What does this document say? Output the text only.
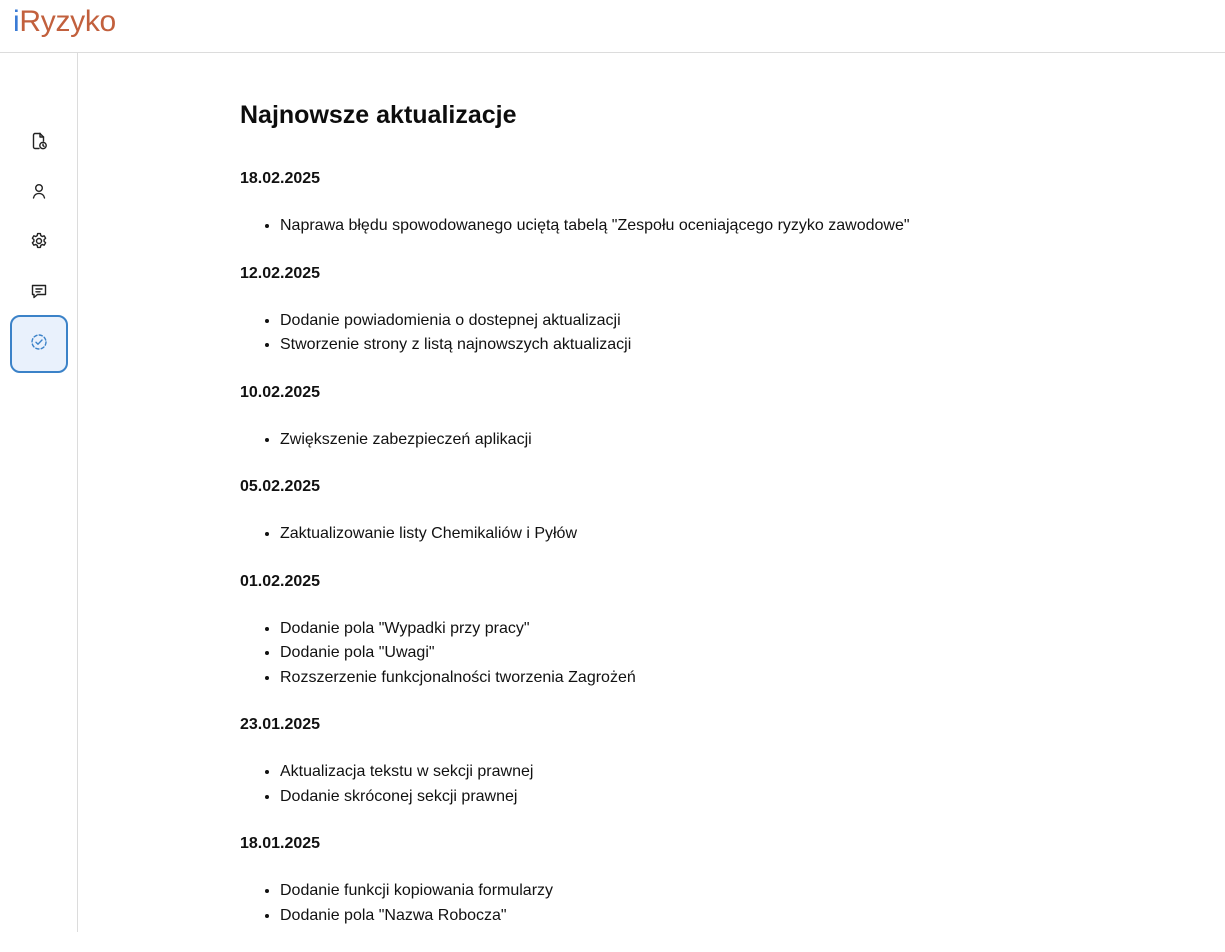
iRyzyko
Najnowsze aktualizacje
18.02.2025
• Naprawa błędu spowodowanego uciętą tabelą "Zespołu oceniającego ryzyko zawodowe"
12.02.2025
• Dodanie powiadomienia o dostepnej aktualizacji
• Stworzenie strony z listą najnowszych aktualizacji
10.02.2025
• Zwiększenie zabezpieczeń aplikacji
05.02.2025
• Zaktualizowanie listy Chemikaliów i Pyłów
01.02.2025
• Dodanie pola "Wypadki przy pracy"
• Dodanie pola "Uwagi"
• Rozszerzenie funkcjonalności tworzenia Zagrożeń
23.01.2025
• Aktualizacja tekstu w sekcji prawnej
• Dodanie skróconej sekcji prawnej
18.01.2025
• Dodanie funkcji kopiowania formularzy
• Dodanie pola "Nazwa Robocza"
